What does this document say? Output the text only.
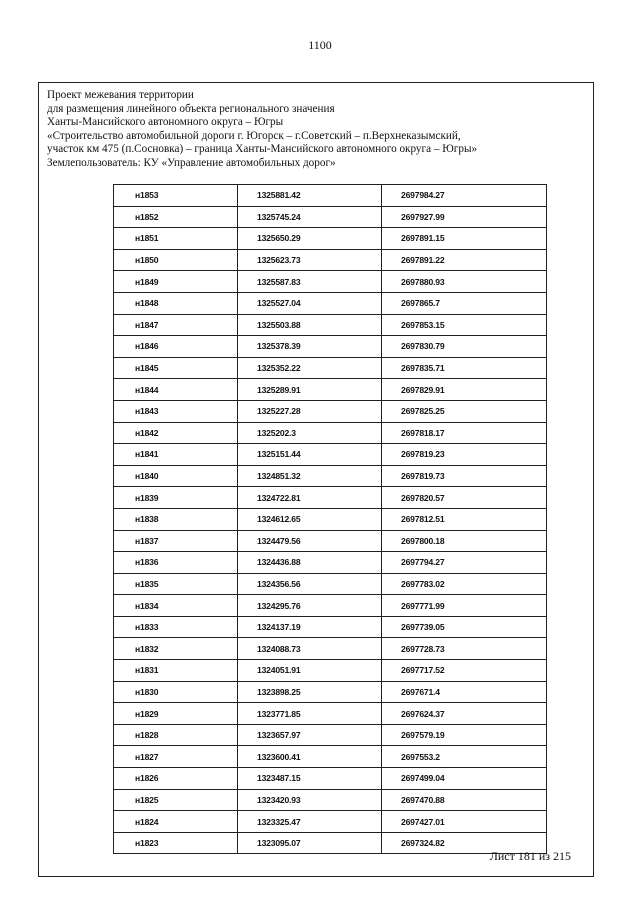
1100
Проект межевания территории
для размещения линейного объекта регионального значения
Ханты-Мансийского автономного округа – Югры
«Строительство автомобильной дороги г. Югорск – г.Советский – п.Верхнеказымский,
участок км 475 (п.Сосновка) – граница Ханты-Мансийского автономного округа – Югры»
Землепользователь: КУ «Управление автомобильных дорог»
н1853	1325881.42	2697984.27
н1852	1325745.24	2697927.99
н1851	1325650.29	2697891.15
н1850	1325623.73	2697891.22
н1849	1325587.83	2697880.93
н1848	1325527.04	2697865.7
н1847	1325503.88	2697853.15
н1846	1325378.39	2697830.79
н1845	1325352.22	2697835.71
н1844	1325289.91	2697829.91
н1843	1325227.28	2697825.25
н1842	1325202.3	2697818.17
н1841	1325151.44	2697819.23
н1840	1324851.32	2697819.73
н1839	1324722.81	2697820.57
н1838	1324612.65	2697812.51
н1837	1324479.56	2697800.18
н1836	1324436.88	2697794.27
н1835	1324356.56	2697783.02
н1834	1324295.76	2697771.99
н1833	1324137.19	2697739.05
н1832	1324088.73	2697728.73
н1831	1324051.91	2697717.52
н1830	1323898.25	2697671.4
н1829	1323771.85	2697624.37
н1828	1323657.97	2697579.19
н1827	1323600.41	2697553.2
н1826	1323487.15	2697499.04
н1825	1323420.93	2697470.88
н1824	1323325.47	2697427.01
н1823	1323095.07	2697324.82
Лист 181 из 215
